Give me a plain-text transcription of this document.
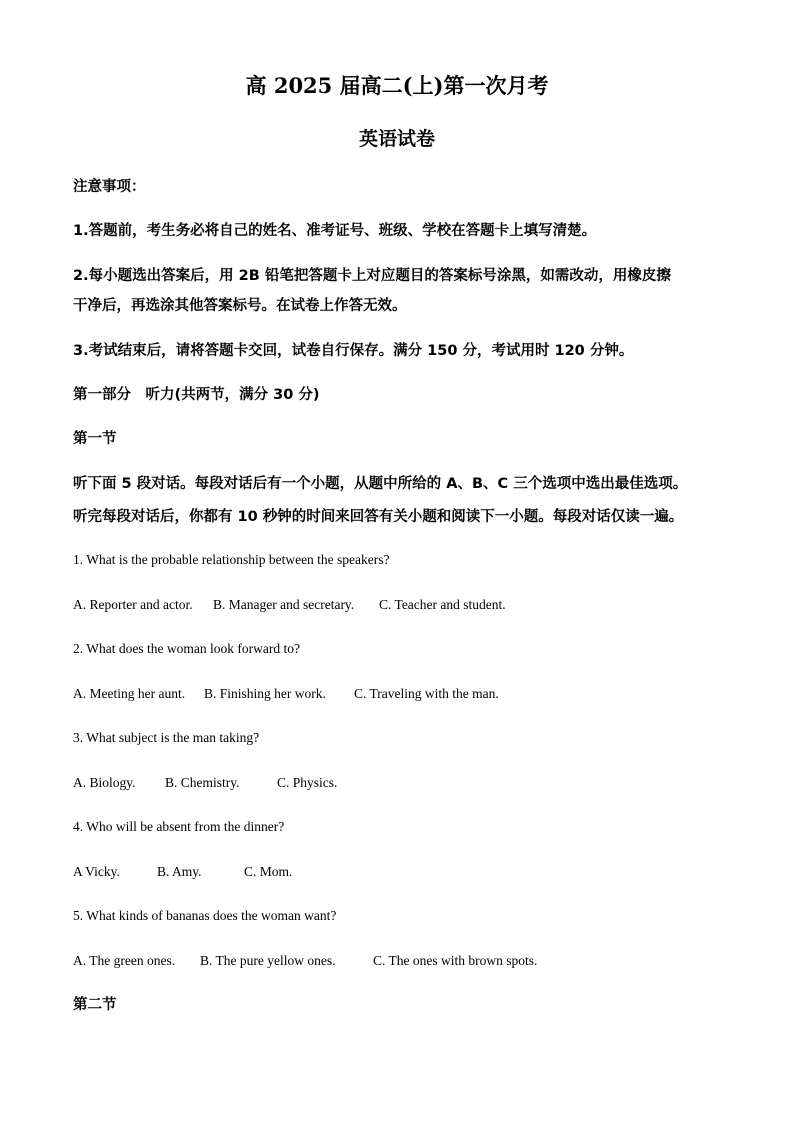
高 2025 届高二(上)第一次月考
英语试卷
注意事项：
1.答题前，考生务必将自己的姓名、准考证号、班级、学校在答题卡上填写清楚。
2.每小题选出答案后，用 2B 铅笔把答题卡上对应题目的答案标号涂黑，如需改动，用橡皮擦
干净后，再选涂其他答案标号。在试卷上作答无效。
3.考试结束后，请将答题卡交回，试卷自行保存。满分 150 分，考试用时 120 分钟。
第一部分　听力(共两节，满分 30 分)
第一节
听下面 5 段对话。每段对话后有一个小题，从题中所给的 A、B、C 三个选项中选出最佳选项。
听完每段对话后，你都有 10 秒钟的时间来回答有关小题和阅读下一小题。每段对话仅读一遍。
1. What is the probable relationship between the speakers?
A. Reporter and actor. B. Manager and secretary. C. Teacher and student.
2. What does the woman look forward to?
A. Meeting her aunt. B. Finishing her work. C. Traveling with the man.
3. What subject is the man taking?
A. Biology. B. Chemistry.	C. Physics.
4. Who will be absent from the dinner?
A Vicky.	B. Amy.	C. Mom.
5. What kinds of bananas does the woman want?
A. The green ones. B. The pure yellow ones.	C. The ones with brown spots.
第二节
